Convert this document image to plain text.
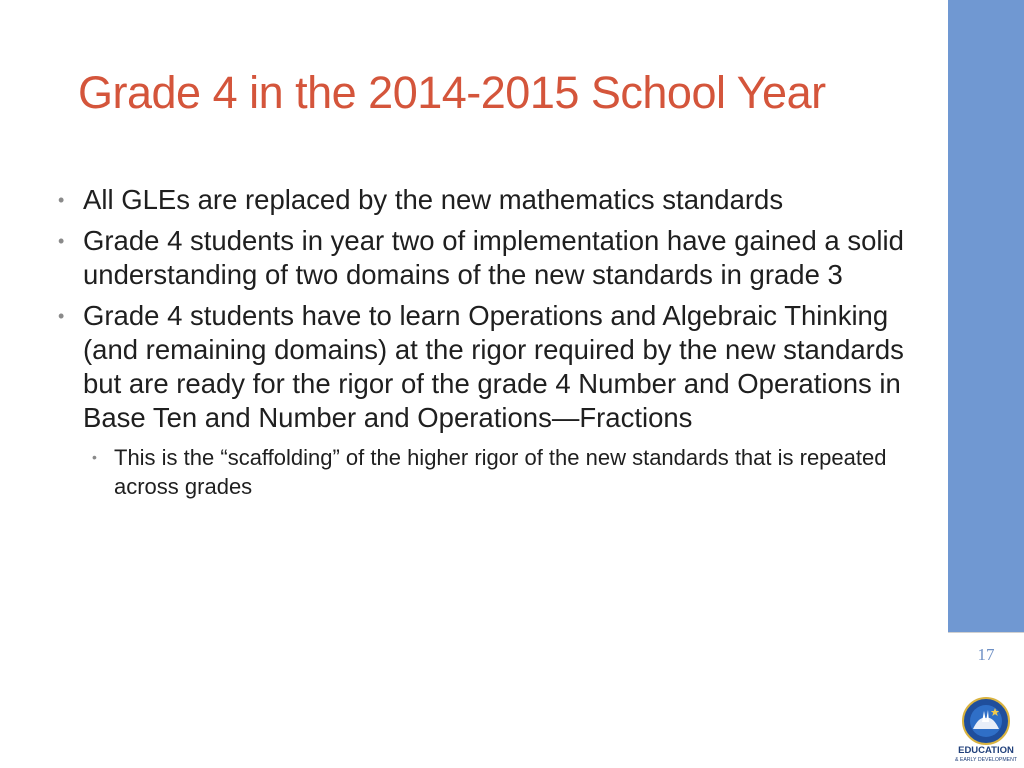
Grade 4 in the 2014-2015 School Year
• All GLEs are replaced by the new mathematics standards
• Grade 4 students in year two of implementation have gained a solid understanding of two domains of the new standards in grade 3
• Grade 4 students have to learn Operations and Algebraic Thinking (and remaining domains) at the rigor required by the new standards but are ready for the rigor of the grade 4 Number and Operations in Base Ten and Number and Operations—Fractions
• This is the “scaffolding” of the higher rigor of the new standards that is repeated across grades
17
EDUCATION
& EARLY DEVELOPMENT
